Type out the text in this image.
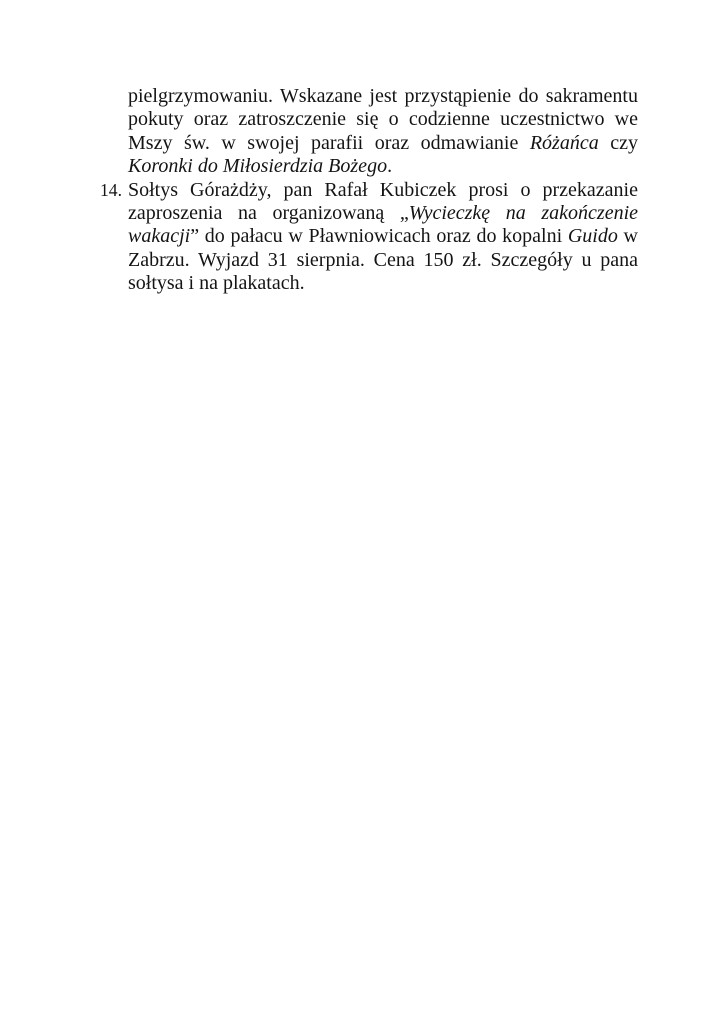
pielgrzymowaniu. Wskazane jest przystąpienie do sakramentu pokuty oraz zatroszczenie się o codzienne uczestnictwo we Mszy św. w swojej parafii oraz odmawianie Różańca czy Koronki do Miłosierdzia Bożego.

14. Sołtys Górażdży, pan Rafał Kubiczek prosi o przekazanie zaproszenia na organizowaną „Wycieczkę na zakończenie wakacji” do pałacu w Pławniowicach oraz do kopalni Guido w Zabrzu. Wyjazd 31 sierpnia. Cena 150 zł. Szczegóły u pana sołtysa i na plakatach.
